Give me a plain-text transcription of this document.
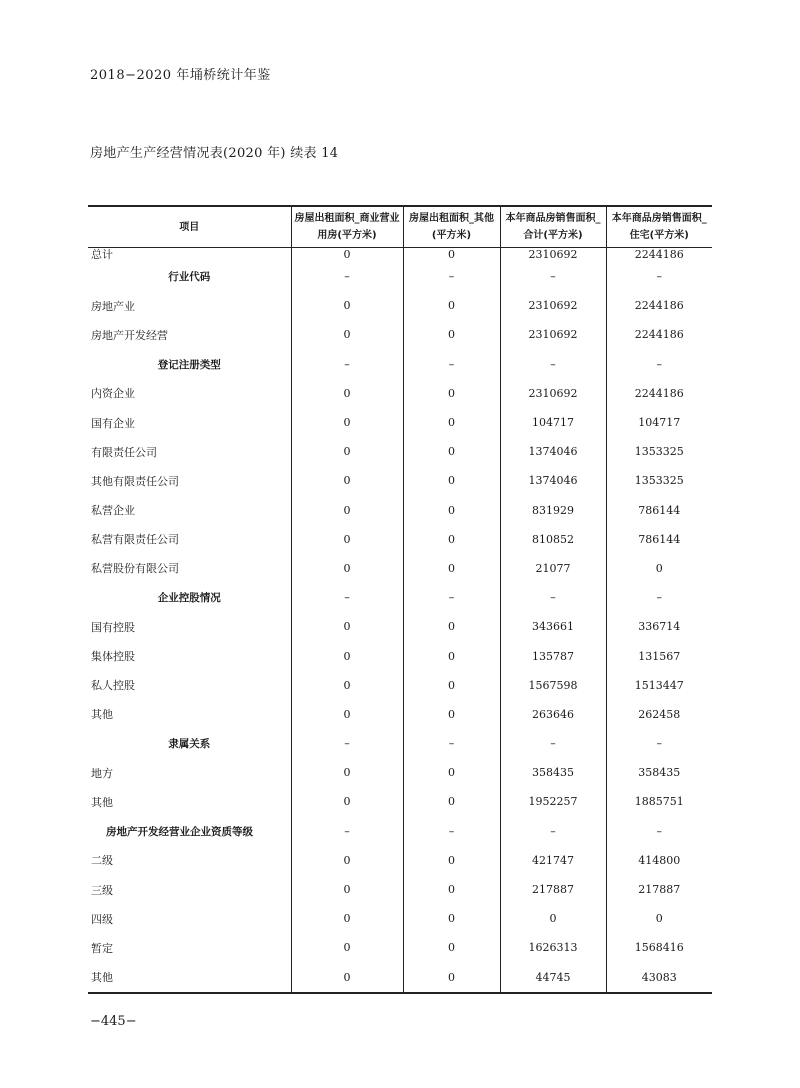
2018−2020 年埇桥统计年鉴
房地产生产经营情况表(2020 年) 续表 14
项目	房屋出租面积_商业营业用房(平方米)	房屋出租面积_其他(平方米)	本年商品房销售面积_合计(平方米)	本年商品房销售面积_住宅(平方米)
总计	0	0	2310692	2244186
行业代码	–	–	–	–
房地产业	0	0	2310692	2244186
房地产开发经营	0	0	2310692	2244186
登记注册类型	–	–	–	–
内资企业	0	0	2310692	2244186
国有企业	0	0	104717	104717
有限责任公司	0	0	1374046	1353325
其他有限责任公司	0	0	1374046	1353325
私营企业	0	0	831929	786144
私营有限责任公司	0	0	810852	786144
私营股份有限公司	0	0	21077	0
企业控股情况	–	–	–	–
国有控股	0	0	343661	336714
集体控股	0	0	135787	131567
私人控股	0	0	1567598	1513447
其他	0	0	263646	262458
隶属关系	–	–	–	–
地方	0	0	358435	358435
其他	0	0	1952257	1885751
房地产开发经营业企业资质等级	–	–	–	–
二级	0	0	421747	414800
三级	0	0	217887	217887
四级	0	0	0	0
暂定	0	0	1626313	1568416
其他	0	0	44745	43083
−445−
